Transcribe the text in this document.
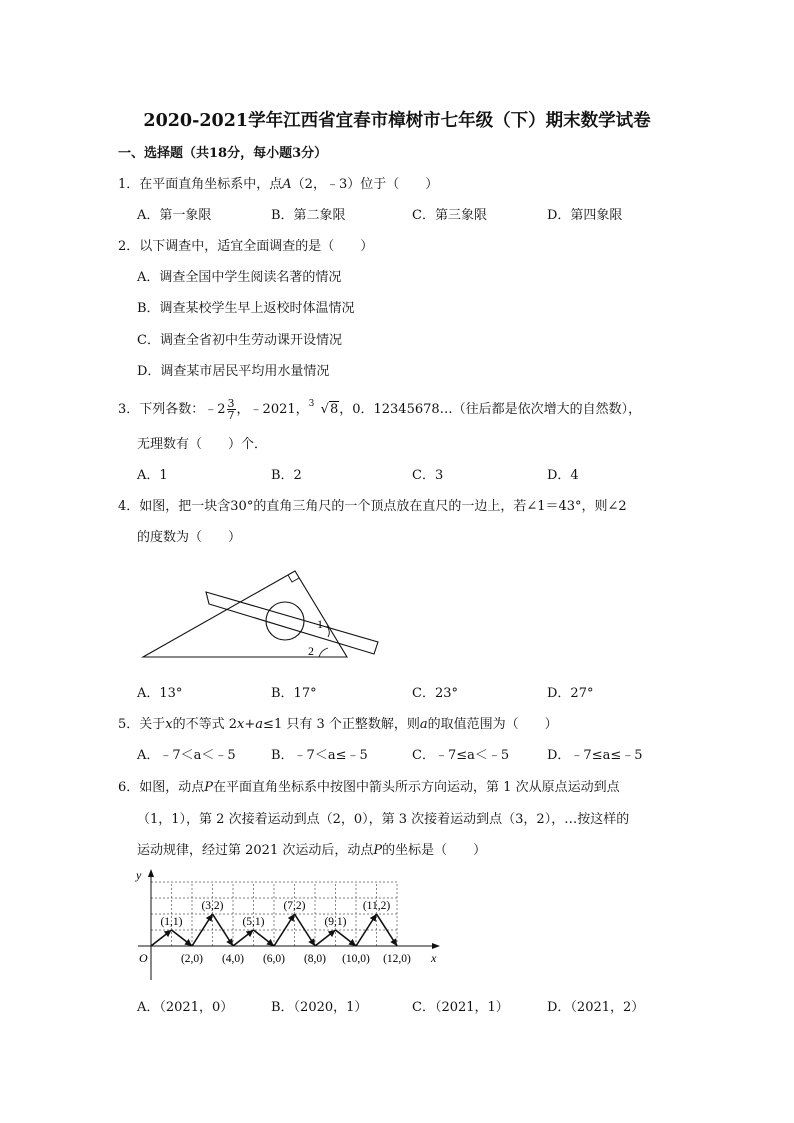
2020-2021学年江西省宜春市樟树市七年级（下）期末数学试卷
一、选择题（共18分，每小题3分）
1．在平面直角坐标系中，点A（2，﹣3）位于（　　）
A．第一象限	B．第二象限	C．第三象限	D．第四象限
2．以下调查中，适宜全面调查的是（　　）
A．调查全国中学生阅读名著的情况
B．调查某校学生早上返校时体温情况
C．调查全省初中生劳动课开设情况
D．调查某市居民平均用水量情况
3．下列各数：﹣2 $\frac{3}{7}$ ，﹣2021， 3 √8，0．12345678…（往后都是依次增大的自然数），
无理数有（　　）个．
A．1	B．2	C．3	D．4
4．如图，把一块含30°的直角三角尺的一个顶点放在直尺的一边上，若∠1＝43°，则∠2
的度数为（　　）
1
2
A．13°	B．17°	C．23°	D．27°
5．关于x的不等式 2x+a≤1 只有 3 个正整数解，则a的取值范围为（　　）
A．﹣7＜a＜﹣5	B．﹣7＜a≤﹣5	C．﹣7≤a＜﹣5	D．﹣7≤a≤﹣5
6．如图，动点P在平面直角坐标系中按图中箭头所示方向运动，第 1 次从原点运动到点
（1，1），第 2 次接着运动到点（2，0），第 3 次接着运动到点（3，2），…按这样的
运动规律，经过第 2021 次运动后，动点P的坐标是（　　）
x
y
O
(1,1)
(3,2)
(5,1)
(7,2)
(9,1)
(11,2)
(2,0) (4,0) (6,0) (8,0) (10,0) (12,0)
A．（2021，0）	B．（2020，1）	C．（2021，1）	D．（2021，2）
